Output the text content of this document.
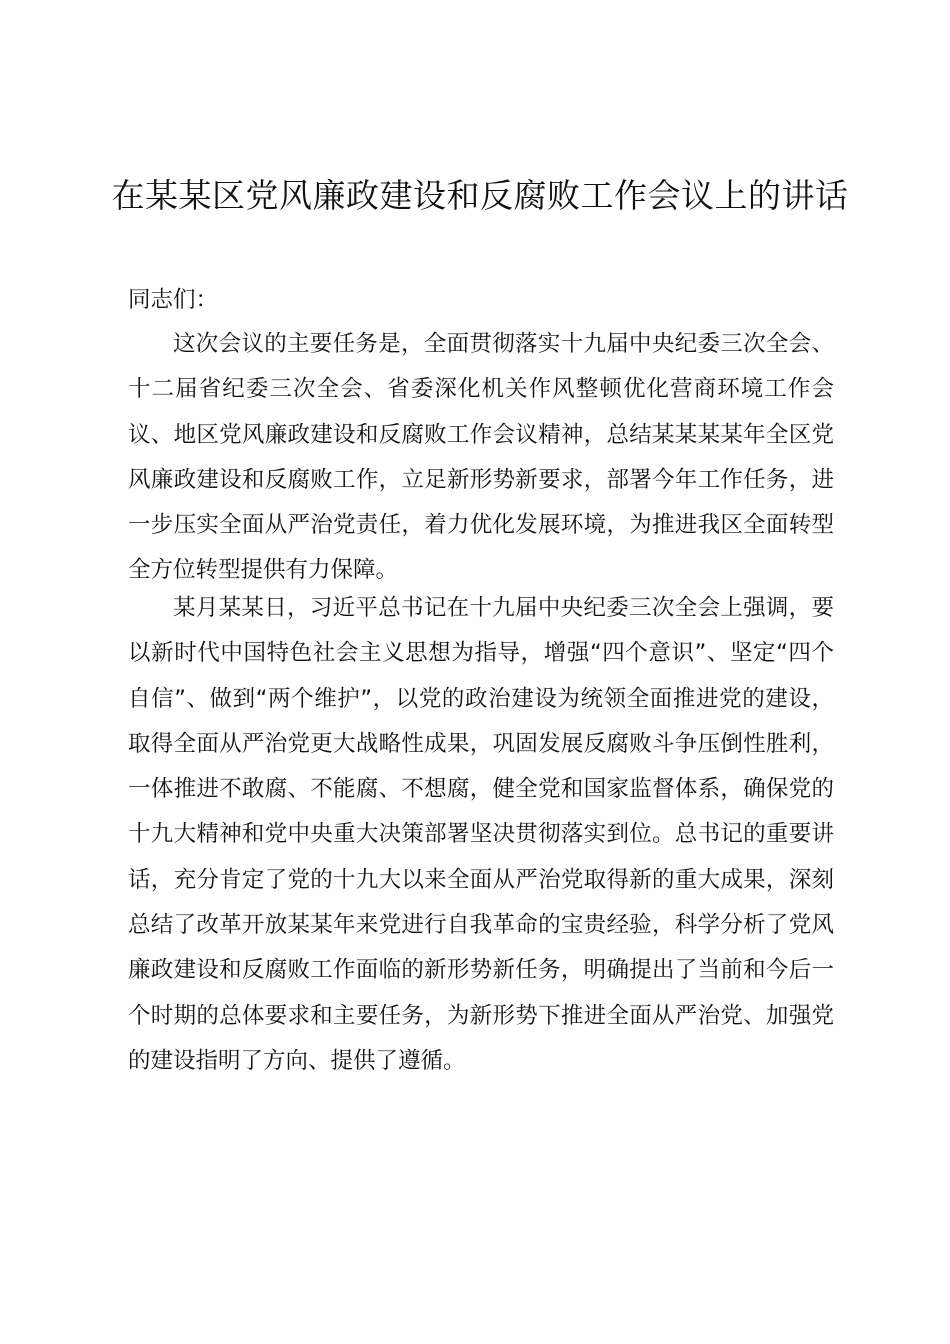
在某某区党风廉政建设和反腐败工作会议上的讲话

同志们：

这次会议的主要任务是，全面贯彻落实十九届中央纪委三次全会、十二届省纪委三次全会、省委深化机关作风整顿优化营商环境工作会议、地区党风廉政建设和反腐败工作会议精神，总结某某某某年全区党风廉政建设和反腐败工作，立足新形势新要求，部署今年工作任务，进一步压实全面从严治党责任，着力优化发展环境，为推进我区全面转型全方位转型提供有力保障。

某月某某日，习近平总书记在十九届中央纪委三次全会上强调，要以新时代中国特色社会主义思想为指导，增强“四个意识”、坚定“四个自信”、做到“两个维护”，以党的政治建设为统领全面推进党的建设，取得全面从严治党更大战略性成果，巩固发展反腐败斗争压倒性胜利，一体推进不敢腐、不能腐、不想腐，健全党和国家监督体系，确保党的十九大精神和党中央重大决策部署坚决贯彻落实到位。总书记的重要讲话，充分肯定了党的十九大以来全面从严治党取得新的重大成果，深刻总结了改革开放某某年来党进行自我革命的宝贵经验，科学分析了党风廉政建设和反腐败工作面临的新形势新任务，明确提出了当前和今后一个时期的总体要求和主要任务，为新形势下推进全面从严治党、加强党的建设指明了方向、提供了遵循。
